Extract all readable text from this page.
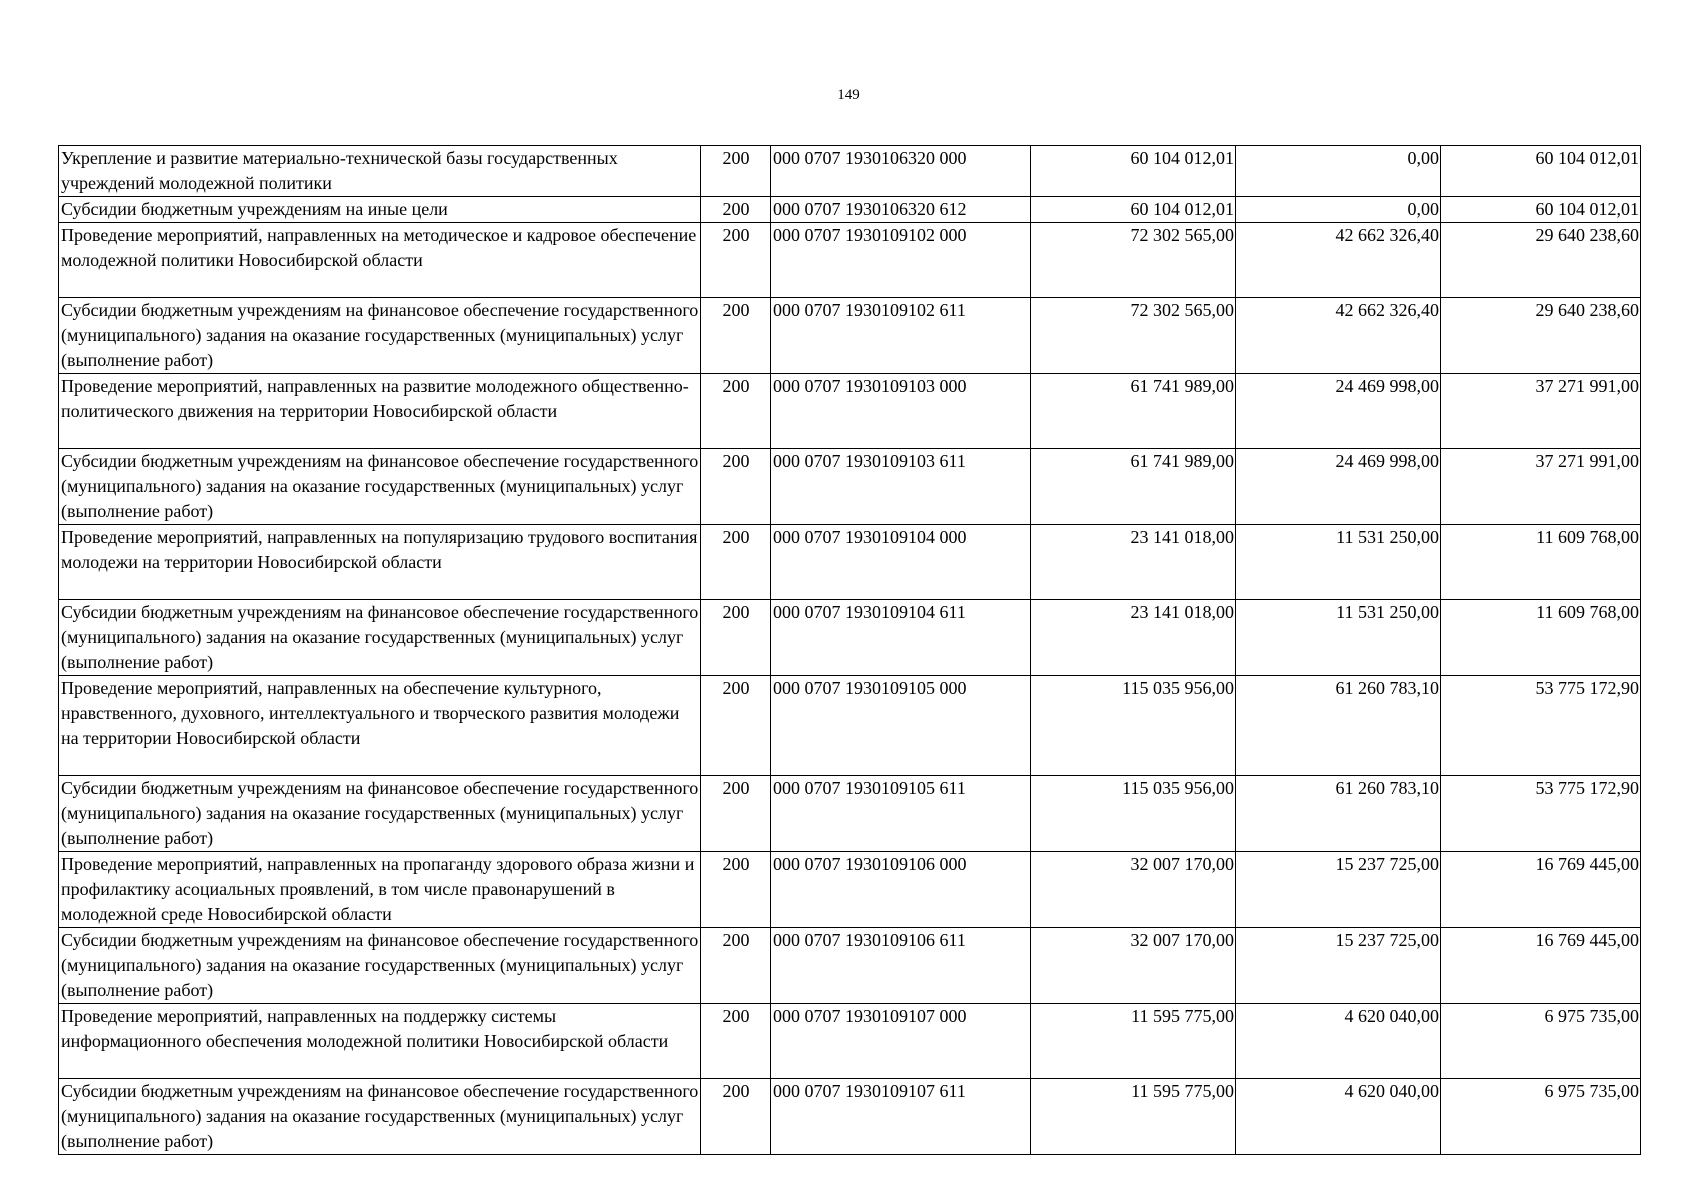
149
Укрепление и развитие материально-технической базы государственных учреждений молодежной политики	200	000 0707 1930106320 000	60 104 012,01	0,00	60 104 012,01
Субсидии бюджетным учреждениям на иные цели	200	000 0707 1930106320 612	60 104 012,01	0,00	60 104 012,01
Проведение мероприятий, направленных на методическое и кадровое обеспечение молодежной политики Новосибирской области	200	000 0707 1930109102 000	72 302 565,00	42 662 326,40	29 640 238,60
Субсидии бюджетным учреждениям на финансовое обеспечение государственного (муниципального) задания на оказание государственных (муниципальных) услуг (выполнение работ)	200	000 0707 1930109102 611	72 302 565,00	42 662 326,40	29 640 238,60
Проведение мероприятий, направленных на развитие молодежного общественно-политического движения на территории Новосибирской области	200	000 0707 1930109103 000	61 741 989,00	24 469 998,00	37 271 991,00
Субсидии бюджетным учреждениям на финансовое обеспечение государственного (муниципального) задания на оказание государственных (муниципальных) услуг (выполнение работ)	200	000 0707 1930109103 611	61 741 989,00	24 469 998,00	37 271 991,00
Проведение мероприятий, направленных на популяризацию трудового воспитания молодежи на территории Новосибирской области	200	000 0707 1930109104 000	23 141 018,00	11 531 250,00	11 609 768,00
Субсидии бюджетным учреждениям на финансовое обеспечение государственного (муниципального) задания на оказание государственных (муниципальных) услуг (выполнение работ)	200	000 0707 1930109104 611	23 141 018,00	11 531 250,00	11 609 768,00
Проведение мероприятий, направленных на обеспечение культурного, нравственного, духовного, интеллектуального и творческого развития молодежи на территории Новосибирской области	200	000 0707 1930109105 000	115 035 956,00	61 260 783,10	53 775 172,90
Субсидии бюджетным учреждениям на финансовое обеспечение государственного (муниципального) задания на оказание государственных (муниципальных) услуг (выполнение работ)	200	000 0707 1930109105 611	115 035 956,00	61 260 783,10	53 775 172,90
Проведение мероприятий, направленных на пропаганду здорового образа жизни и профилактику асоциальных проявлений, в том числе правонарушений в молодежной среде Новосибирской области	200	000 0707 1930109106 000	32 007 170,00	15 237 725,00	16 769 445,00
Субсидии бюджетным учреждениям на финансовое обеспечение государственного (муниципального) задания на оказание государственных (муниципальных) услуг (выполнение работ)	200	000 0707 1930109106 611	32 007 170,00	15 237 725,00	16 769 445,00
Проведение мероприятий, направленных на поддержку системы информационного обеспечения молодежной политики Новосибирской области	200	000 0707 1930109107 000	11 595 775,00	4 620 040,00	6 975 735,00
Субсидии бюджетным учреждениям на финансовое обеспечение государственного (муниципального) задания на оказание государственных (муниципальных) услуг (выполнение работ)	200	000 0707 1930109107 611	11 595 775,00	4 620 040,00	6 975 735,00
